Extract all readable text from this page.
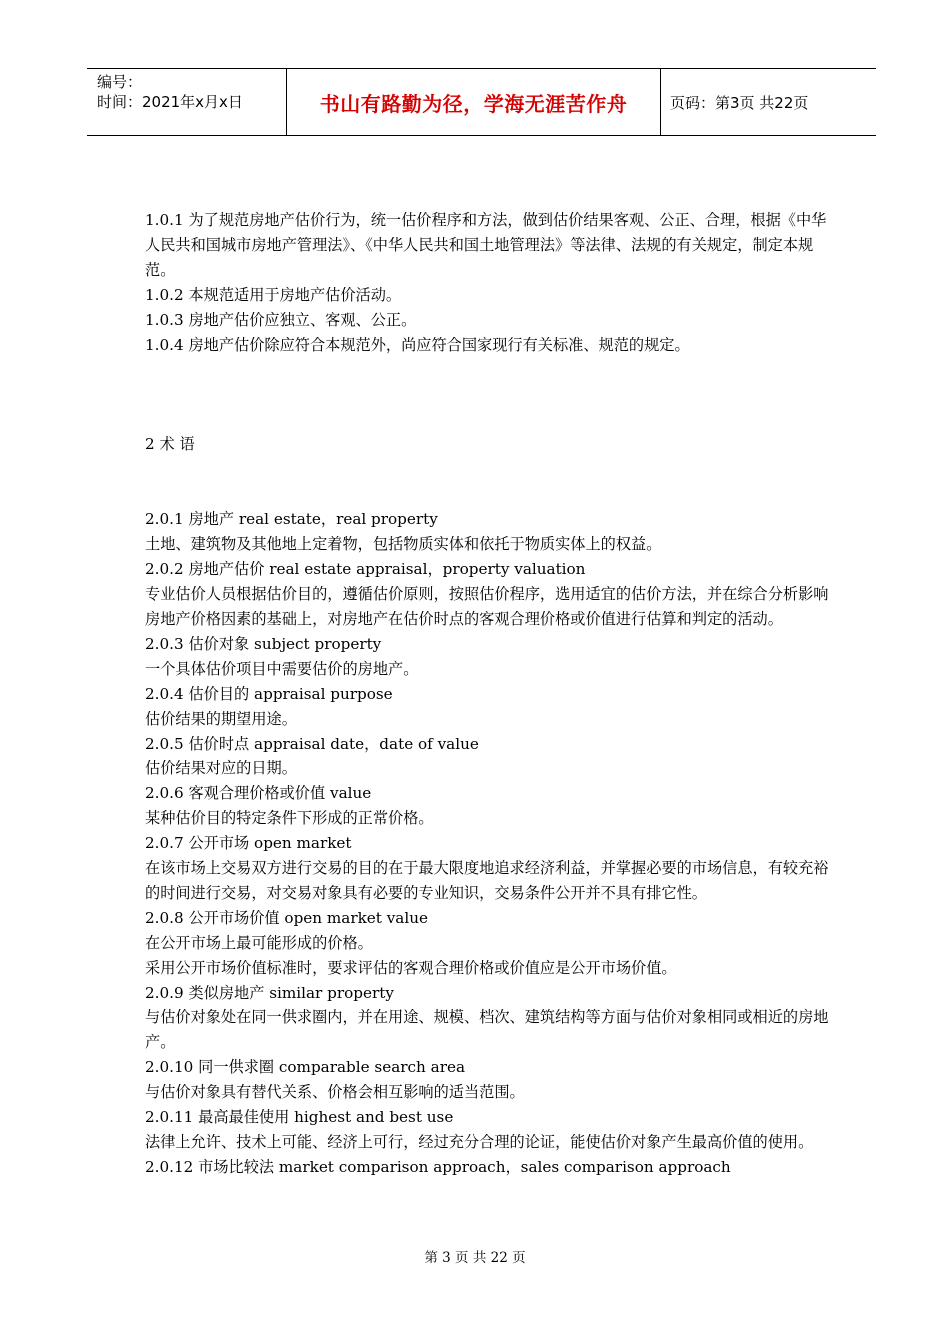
编号：
时间：2021年x月x日	书山有路勤为径，学海无涯苦作舟	页码：第3页 共22页

1.0.1 为了规范房地产估价行为，统一估价程序和方法，做到估价结果客观、公正、合理，根据《中华人民共和国城市房地产管理法》、《中华人民共和国土地管理法》等法律、法规的有关规定，制定本规范。

1.0.2 本规范适用于房地产估价活动。

1.0.3 房地产估价应独立、客观、公正。

1.0.4 房地产估价除应符合本规范外，尚应符合国家现行有关标准、规范的规定。

2 术 语

2.0.1 房地产 real estate，real property

土地、建筑物及其他地上定着物，包括物质实体和依托于物质实体上的权益。

2.0.2 房地产估价 real estate appraisal，property valuation

专业估价人员根据估价目的，遵循估价原则，按照估价程序，选用适宜的估价方法，并在综合分析影响房地产价格因素的基础上，对房地产在估价时点的客观合理价格或价值进行估算和判定的活动。

2.0.3 估价对象 subject property

一个具体估价项目中需要估价的房地产。

2.0.4 估价目的 appraisal purpose

估价结果的期望用途。

2.0.5 估价时点 appraisal date，date of value

估价结果对应的日期。

2.0.6 客观合理价格或价值 value

某种估价目的特定条件下形成的正常价格。

2.0.7 公开市场 open market

在该市场上交易双方进行交易的目的在于最大限度地追求经济利益，并掌握必要的市场信息，有较充裕的时间进行交易，对交易对象具有必要的专业知识，交易条件公开并不具有排它性。

2.0.8 公开市场价值 open market value

在公开市场上最可能形成的价格。

采用公开市场价值标准时，要求评估的客观合理价格或价值应是公开市场价值。

2.0.9 类似房地产 similar property

与估价对象处在同一供求圈内，并在用途、规模、档次、建筑结构等方面与估价对象相同或相近的房地产。

2.0.10 同一供求圈 comparable search area

与估价对象具有替代关系、价格会相互影响的适当范围。

2.0.11 最高最佳使用 highest and best use

法律上允许、技术上可能、经济上可行，经过充分合理的论证，能使估价对象产生最高价值的使用。

2.0.12 市场比较法 market comparison approach，sales comparison approach

第 3 页 共 22 页
